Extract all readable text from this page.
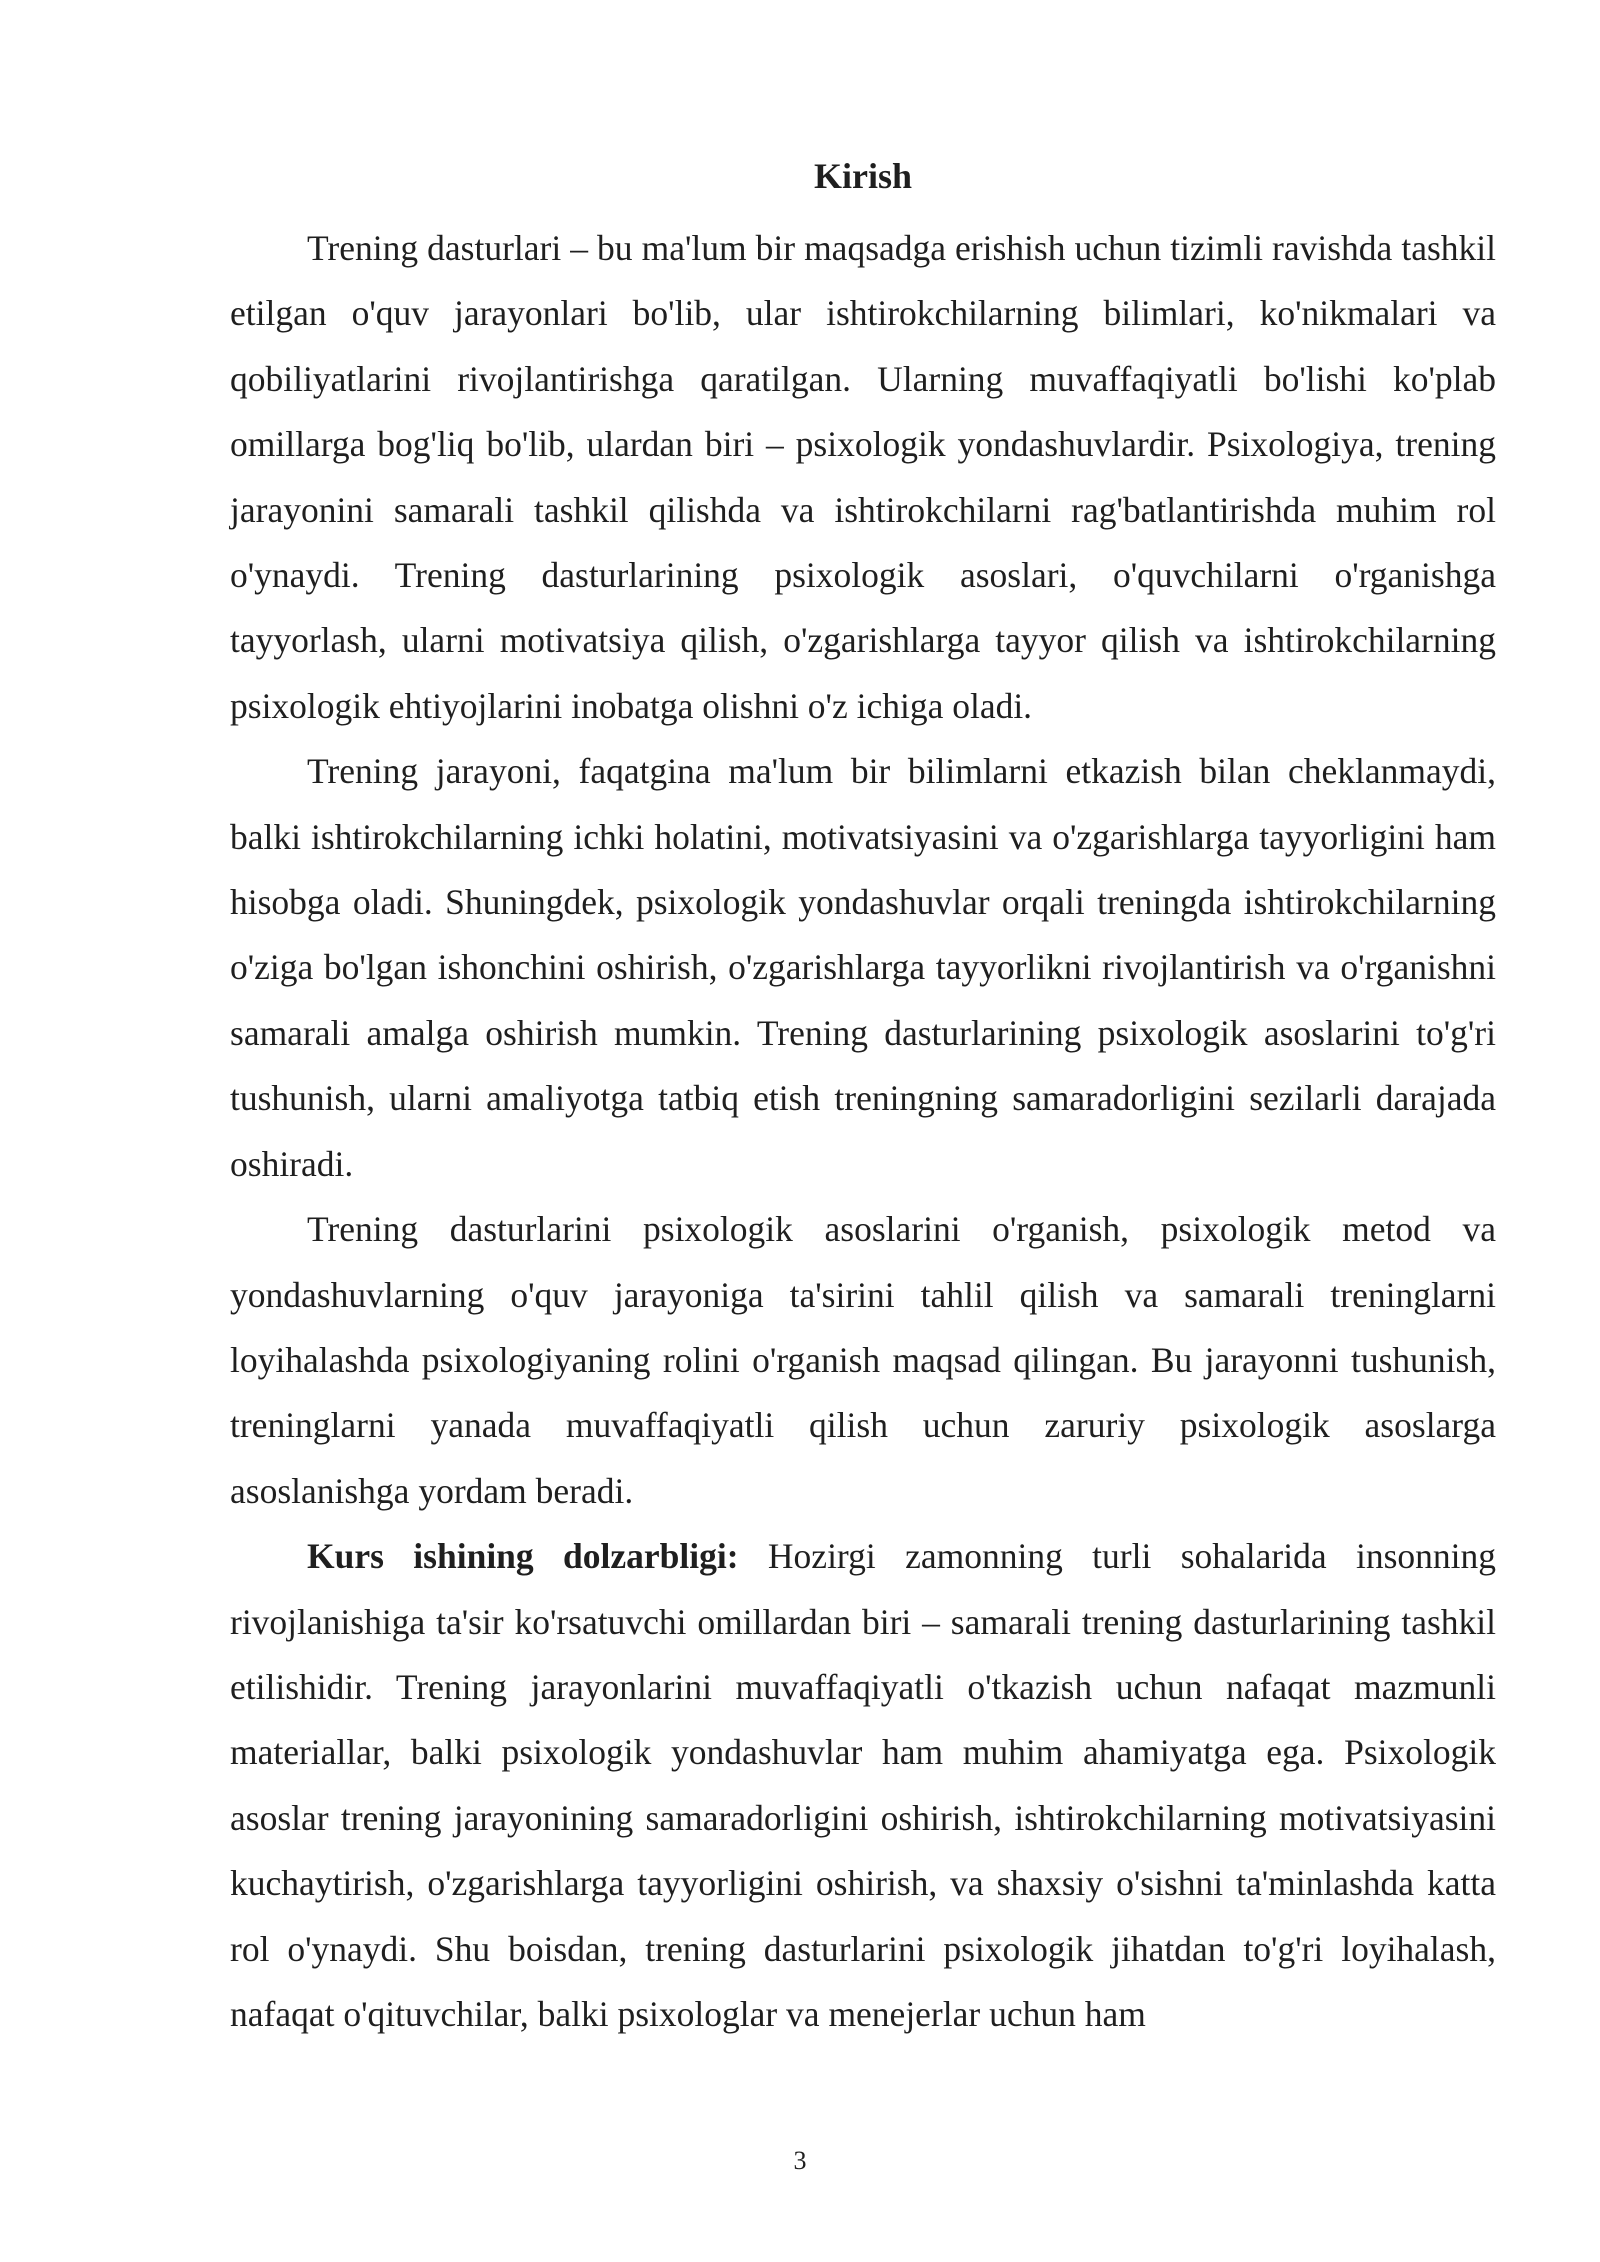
Kirish

Trening dasturlari – bu ma'lum bir maqsadga erishish uchun tizimli ravishda tashkil etilgan o'quv jarayonlari bo'lib, ular ishtirokchilarning bilimlari, ko'nikmalari va qobiliyatlarini rivojlantirishga qaratilgan. Ularning muvaffaqiyatli bo'lishi ko'plab omillarga bog'liq bo'lib, ulardan biri – psixologik yondashuvlardir. Psixologiya, trening jarayonini samarali tashkil qilishda va ishtirokchilarni rag'batlantirishda muhim rol o'ynaydi. Trening dasturlarining psixologik asoslari, o'quvchilarni o'rganishga tayyorlash, ularni motivatsiya qilish, o'zgarishlarga tayyor qilish va ishtirokchilarning psixologik ehtiyojlarini inobatga olishni o'z ichiga oladi.

Trening jarayoni, faqatgina ma'lum bir bilimlarni etkazish bilan cheklanmaydi, balki ishtirokchilarning ichki holatini, motivatsiyasini va o'zgarishlarga tayyorligini ham hisobga oladi. Shuningdek, psixologik yondashuvlar orqali treningda ishtirokchilarning o'ziga bo'lgan ishonchini oshirish, o'zgarishlarga tayyorlikni rivojlantirish va o'rganishni samarali amalga oshirish mumkin. Trening dasturlarining psixologik asoslarini to'g'ri tushunish, ularni amaliyotga tatbiq etish treningning samaradorligini sezilarli darajada oshiradi.

Trening dasturlarini psixologik asoslarini o'rganish, psixologik metod va yondashuvlarning o'quv jarayoniga ta'sirini tahlil qilish va samarali treninglarni loyihalashda psixologiyaning rolini o'rganish maqsad qilingan. Bu jarayonni tushunish, treninglarni yanada muvaffaqiyatli qilish uchun zaruriy psixologik asoslarga asoslanishga yordam beradi.

Kurs ishining dolzarbligi: Hozirgi zamonning turli sohalarida insonning rivojlanishiga ta'sir ko'rsatuvchi omillardan biri – samarali trening dasturlarining tashkil etilishidir. Trening jarayonlarini muvaffaqiyatli o'tkazish uchun nafaqat mazmunli materiallar, balki psixologik yondashuvlar ham muhim ahamiyatga ega. Psixologik asoslar trening jarayonining samaradorligini oshirish, ishtirokchilarning motivatsiyasini kuchaytirish, o'zgarishlarga tayyorligini oshirish, va shaxsiy o'sishni ta'minlashda katta rol o'ynaydi. Shu boisdan, trening dasturlarini psixologik jihatdan to'g'ri loyihalash, nafaqat o'qituvchilar, balki psixologlar va menejerlar uchun ham

3
